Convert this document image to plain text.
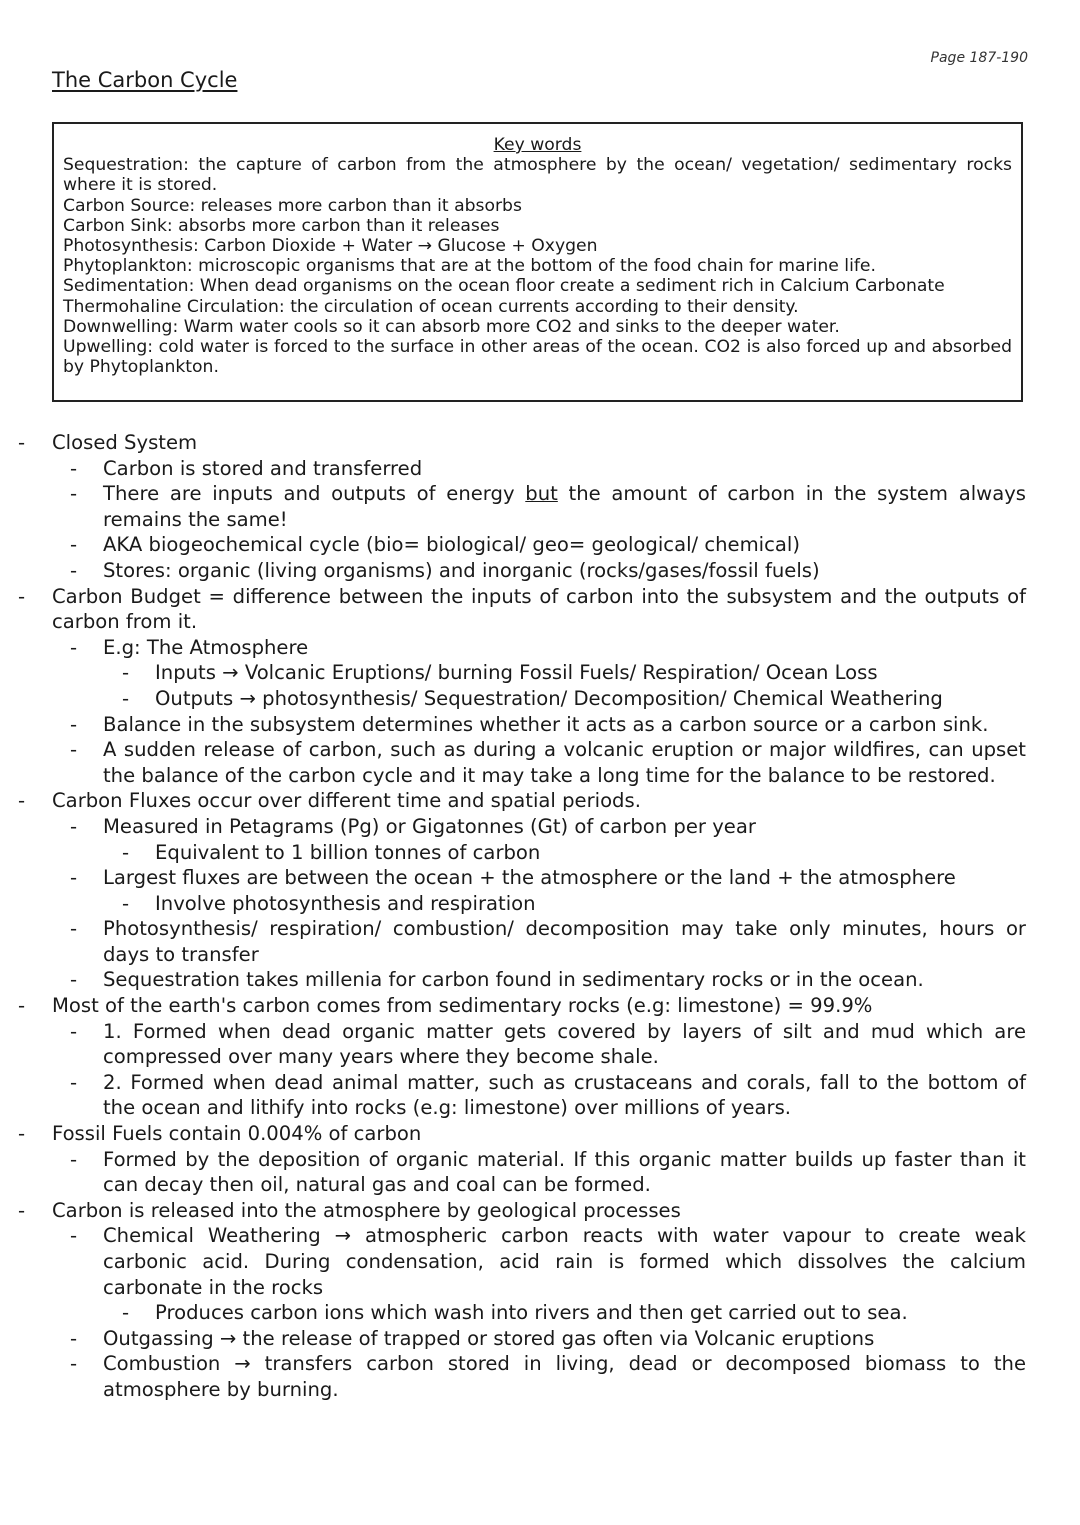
Page 187-190
The Carbon Cycle
Key words
Sequestration: the capture of carbon from the atmosphere by the ocean/ vegetation/ sedimentary rocks where it is stored.
Carbon Source: releases more carbon than it absorbs
Carbon Sink: absorbs more carbon than it releases
Photosynthesis: Carbon Dioxide + Water → Glucose + Oxygen
Phytoplankton: microscopic organisms that are at the bottom of the food chain for marine life.
Sedimentation: When dead organisms on the ocean floor create a sediment rich in Calcium Carbonate
Thermohaline Circulation: the circulation of ocean currents according to their density.
Downwelling: Warm water cools so it can absorb more CO2 and sinks to the deeper water.
Upwelling: cold water is forced to the surface in other areas of the ocean. CO2 is also forced up and absorbed by Phytoplankton.
- Closed System
- Carbon is stored and transferred
- There are inputs and outputs of energy but the amount of carbon in the system always remains the same!
- AKA biogeochemical cycle (bio= biological/ geo= geological/ chemical)
- Stores: organic (living organisms) and inorganic (rocks/gases/fossil fuels)
- Carbon Budget = difference between the inputs of carbon into the subsystem and the outputs of carbon from it.
- E.g: The Atmosphere
- Inputs → Volcanic Eruptions/ burning Fossil Fuels/ Respiration/ Ocean Loss
- Outputs → photosynthesis/ Sequestration/ Decomposition/ Chemical Weathering
- Balance in the subsystem determines whether it acts as a carbon source or a carbon sink.
- A sudden release of carbon, such as during a volcanic eruption or major wildfires, can upset the balance of the carbon cycle and it may take a long time for the balance to be restored.
- Carbon Fluxes occur over different time and spatial periods.
- Measured in Petagrams (Pg) or Gigatonnes (Gt) of carbon per year
- Equivalent to 1 billion tonnes of carbon
- Largest fluxes are between the ocean + the atmosphere or the land + the atmosphere
- Involve photosynthesis and respiration
- Photosynthesis/ respiration/ combustion/ decomposition may take only minutes, hours or days to transfer
- Sequestration takes millenia for carbon found in sedimentary rocks or in the ocean.
- Most of the earth's carbon comes from sedimentary rocks (e.g: limestone) = 99.9%
- 1. Formed when dead organic matter gets covered by layers of silt and mud which are compressed over many years where they become shale.
- 2. Formed when dead animal matter, such as crustaceans and corals, fall to the bottom of the ocean and lithify into rocks (e.g: limestone) over millions of years.
- Fossil Fuels contain 0.004% of carbon
- Formed by the deposition of organic material. If this organic matter builds up faster than it can decay then oil, natural gas and coal can be formed.
- Carbon is released into the atmosphere by geological processes
- Chemical Weathering → atmospheric carbon reacts with water vapour to create weak carbonic acid. During condensation, acid rain is formed which dissolves the calcium carbonate in the rocks
- Produces carbon ions which wash into rivers and then get carried out to sea.
- Outgassing → the release of trapped or stored gas often via Volcanic eruptions
- Combustion → transfers carbon stored in living, dead or decomposed biomass to the atmosphere by burning.
